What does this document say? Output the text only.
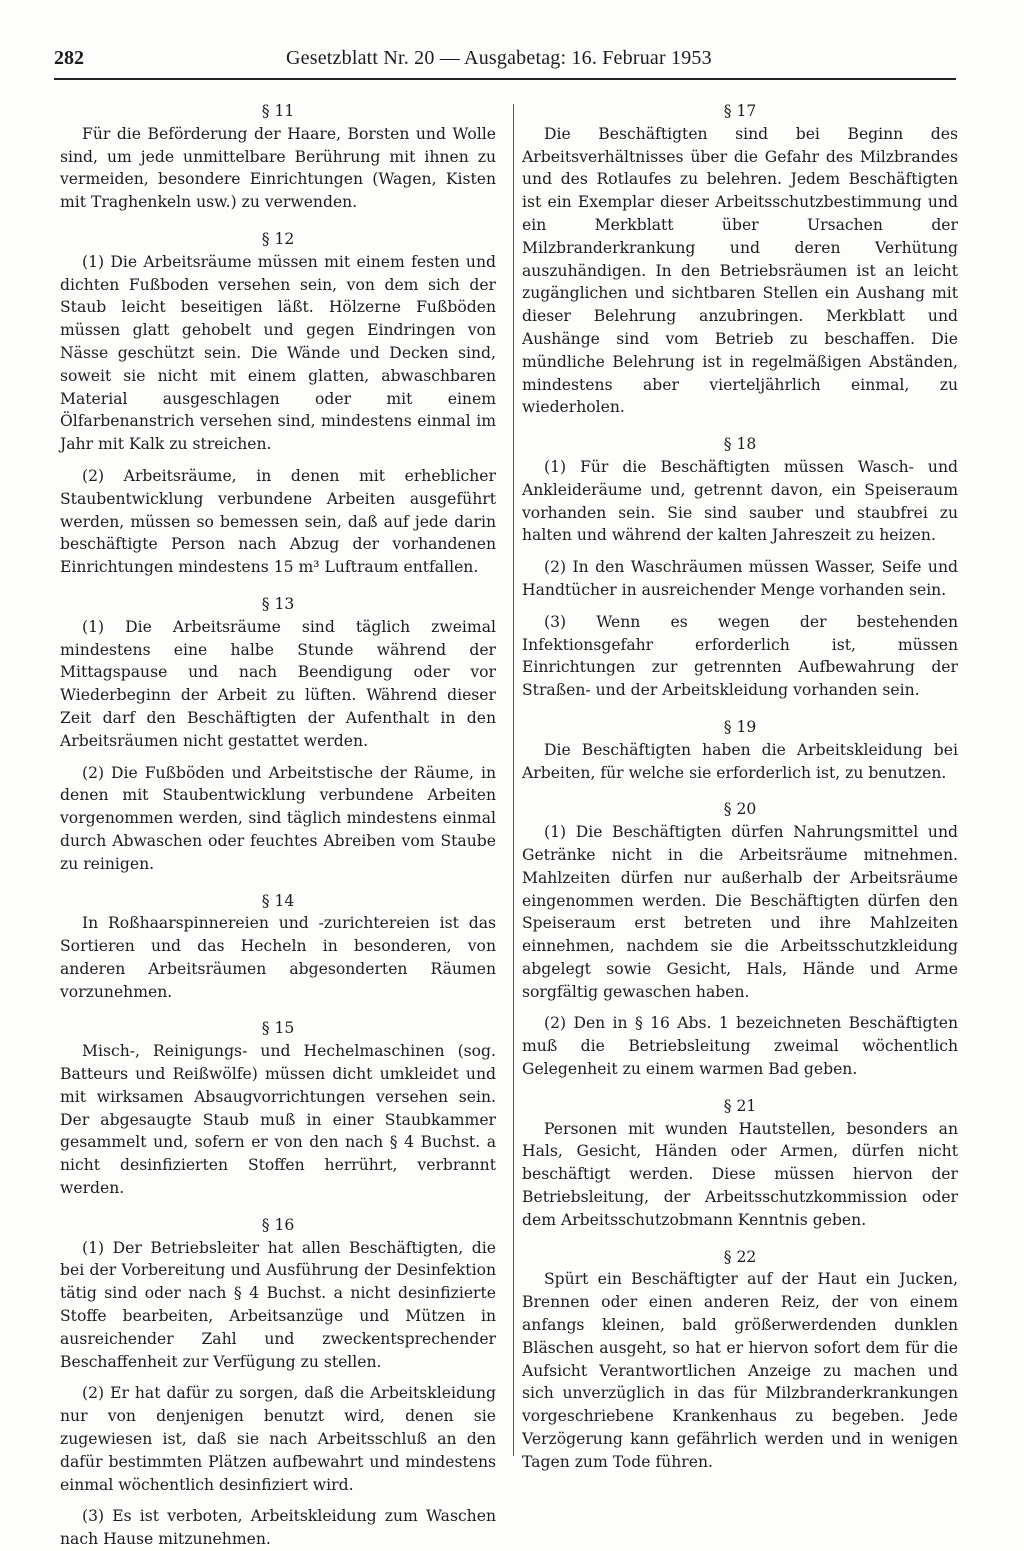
282	Gesetzblatt Nr. 20 — Ausgabetag: 16. Februar 1953
§ 11

Für die Beförderung der Haare, Borsten und Wolle sind, um jede unmittelbare Berührung mit ihnen zu vermeiden, besondere Einrichtungen (Wagen, Kisten mit Traghenkeln usw.) zu verwenden.

§ 12

(1) Die Arbeitsräume müssen mit einem festen und dichten Fußboden versehen sein, von dem sich der Staub leicht beseitigen läßt. Hölzerne Fußböden müssen glatt gehobelt und gegen Eindringen von Nässe geschützt sein. Die Wände und Decken sind, soweit sie nicht mit einem glatten, abwaschbaren Material ausgeschlagen oder mit einem Ölfarbenanstrich versehen sind, mindestens einmal im Jahr mit Kalk zu streichen.

(2) Arbeitsräume, in denen mit erheblicher Staubentwicklung verbundene Arbeiten ausgeführt werden, müssen so bemessen sein, daß auf jede darin beschäftigte Person nach Abzug der vorhandenen Einrichtungen mindestens 15 m³ Luftraum entfallen.

§ 13

(1) Die Arbeitsräume sind täglich zweimal mindestens eine halbe Stunde während der Mittagspause und nach Beendigung oder vor Wiederbeginn der Arbeit zu lüften. Während dieser Zeit darf den Beschäftigten der Aufenthalt in den Arbeitsräumen nicht gestattet werden.

(2) Die Fußböden und Arbeitstische der Räume, in denen mit Staubentwicklung verbundene Arbeiten vorgenommen werden, sind täglich mindestens einmal durch Abwaschen oder feuchtes Abreiben vom Staube zu reinigen.

§ 14

In Roßhaarspinnereien und -zurichtereien ist das Sortieren und das Hecheln in besonderen, von anderen Arbeitsräumen abgesonderten Räumen vorzunehmen.

§ 15

Misch-, Reinigungs- und Hechelmaschinen (sog. Batteurs und Reißwölfe) müssen dicht umkleidet und mit wirksamen Absaugvorrichtungen versehen sein. Der abgesaugte Staub muß in einer Staubkammer gesammelt und, sofern er von den nach § 4 Buchst. a nicht desinfizierten Stoffen herrührt, verbrannt werden.

§ 16

(1) Der Betriebsleiter hat allen Beschäftigten, die bei der Vorbereitung und Ausführung der Desinfektion tätig sind oder nach § 4 Buchst. a nicht desinfizierte Stoffe bearbeiten, Arbeitsanzüge und Mützen in ausreichender Zahl und zweckentsprechender Beschaffenheit zur Verfügung zu stellen.

(2) Er hat dafür zu sorgen, daß die Arbeitskleidung nur von denjenigen benutzt wird, denen sie zugewiesen ist, daß sie nach Arbeitsschluß an den dafür bestimmten Plätzen aufbewahrt und mindestens einmal wöchentlich desinfiziert wird.

(3) Es ist verboten, Arbeitskleidung zum Waschen nach Hause mitzunehmen.

§ 17

Die Beschäftigten sind bei Beginn des Arbeitsverhältnisses über die Gefahr des Milzbrandes und des Rotlaufes zu belehren. Jedem Beschäftigten ist ein Exemplar dieser Arbeitsschutzbestimmung und ein Merkblatt über Ursachen der Milzbranderkrankung und deren Verhütung auszuhändigen. In den Betriebsräumen ist an leicht zugänglichen und sichtbaren Stellen ein Aushang mit dieser Belehrung anzubringen. Merkblatt und Aushänge sind vom Betrieb zu beschaffen. Die mündliche Belehrung ist in regelmäßigen Abständen, mindestens aber vierteljährlich einmal, zu wiederholen.

§ 18

(1) Für die Beschäftigten müssen Wasch- und Ankleideräume und, getrennt davon, ein Speiseraum vorhanden sein. Sie sind sauber und staubfrei zu halten und während der kalten Jahreszeit zu heizen.

(2) In den Waschräumen müssen Wasser, Seife und Handtücher in ausreichender Menge vorhanden sein.

(3) Wenn es wegen der bestehenden Infektionsgefahr erforderlich ist, müssen Einrichtungen zur getrennten Aufbewahrung der Straßen- und der Arbeitskleidung vorhanden sein.

§ 19

Die Beschäftigten haben die Arbeitskleidung bei Arbeiten, für welche sie erforderlich ist, zu benutzen.

§ 20

(1) Die Beschäftigten dürfen Nahrungsmittel und Getränke nicht in die Arbeitsräume mitnehmen. Mahlzeiten dürfen nur außerhalb der Arbeitsräume eingenommen werden. Die Beschäftigten dürfen den Speiseraum erst betreten und ihre Mahlzeiten einnehmen, nachdem sie die Arbeitsschutzkleidung abgelegt sowie Gesicht, Hals, Hände und Arme sorgfältig gewaschen haben.

(2) Den in § 16 Abs. 1 bezeichneten Beschäftigten muß die Betriebsleitung zweimal wöchentlich Gelegenheit zu einem warmen Bad geben.

§ 21

Personen mit wunden Hautstellen, besonders an Hals, Gesicht, Händen oder Armen, dürfen nicht beschäftigt werden. Diese müssen hiervon der Betriebsleitung, der Arbeitsschutzkommission oder dem Arbeitsschutzobmann Kenntnis geben.

§ 22

Spürt ein Beschäftigter auf der Haut ein Jucken, Brennen oder einen anderen Reiz, der von einem anfangs kleinen, bald größerwerdenden dunklen Bläschen ausgeht, so hat er hiervon sofort dem für die Aufsicht Verantwortlichen Anzeige zu machen und sich unverzüglich in das für Milzbranderkrankungen vorgeschriebene Krankenhaus zu begeben. Jede Verzögerung kann gefährlich werden und in wenigen Tagen zum Tode führen.
